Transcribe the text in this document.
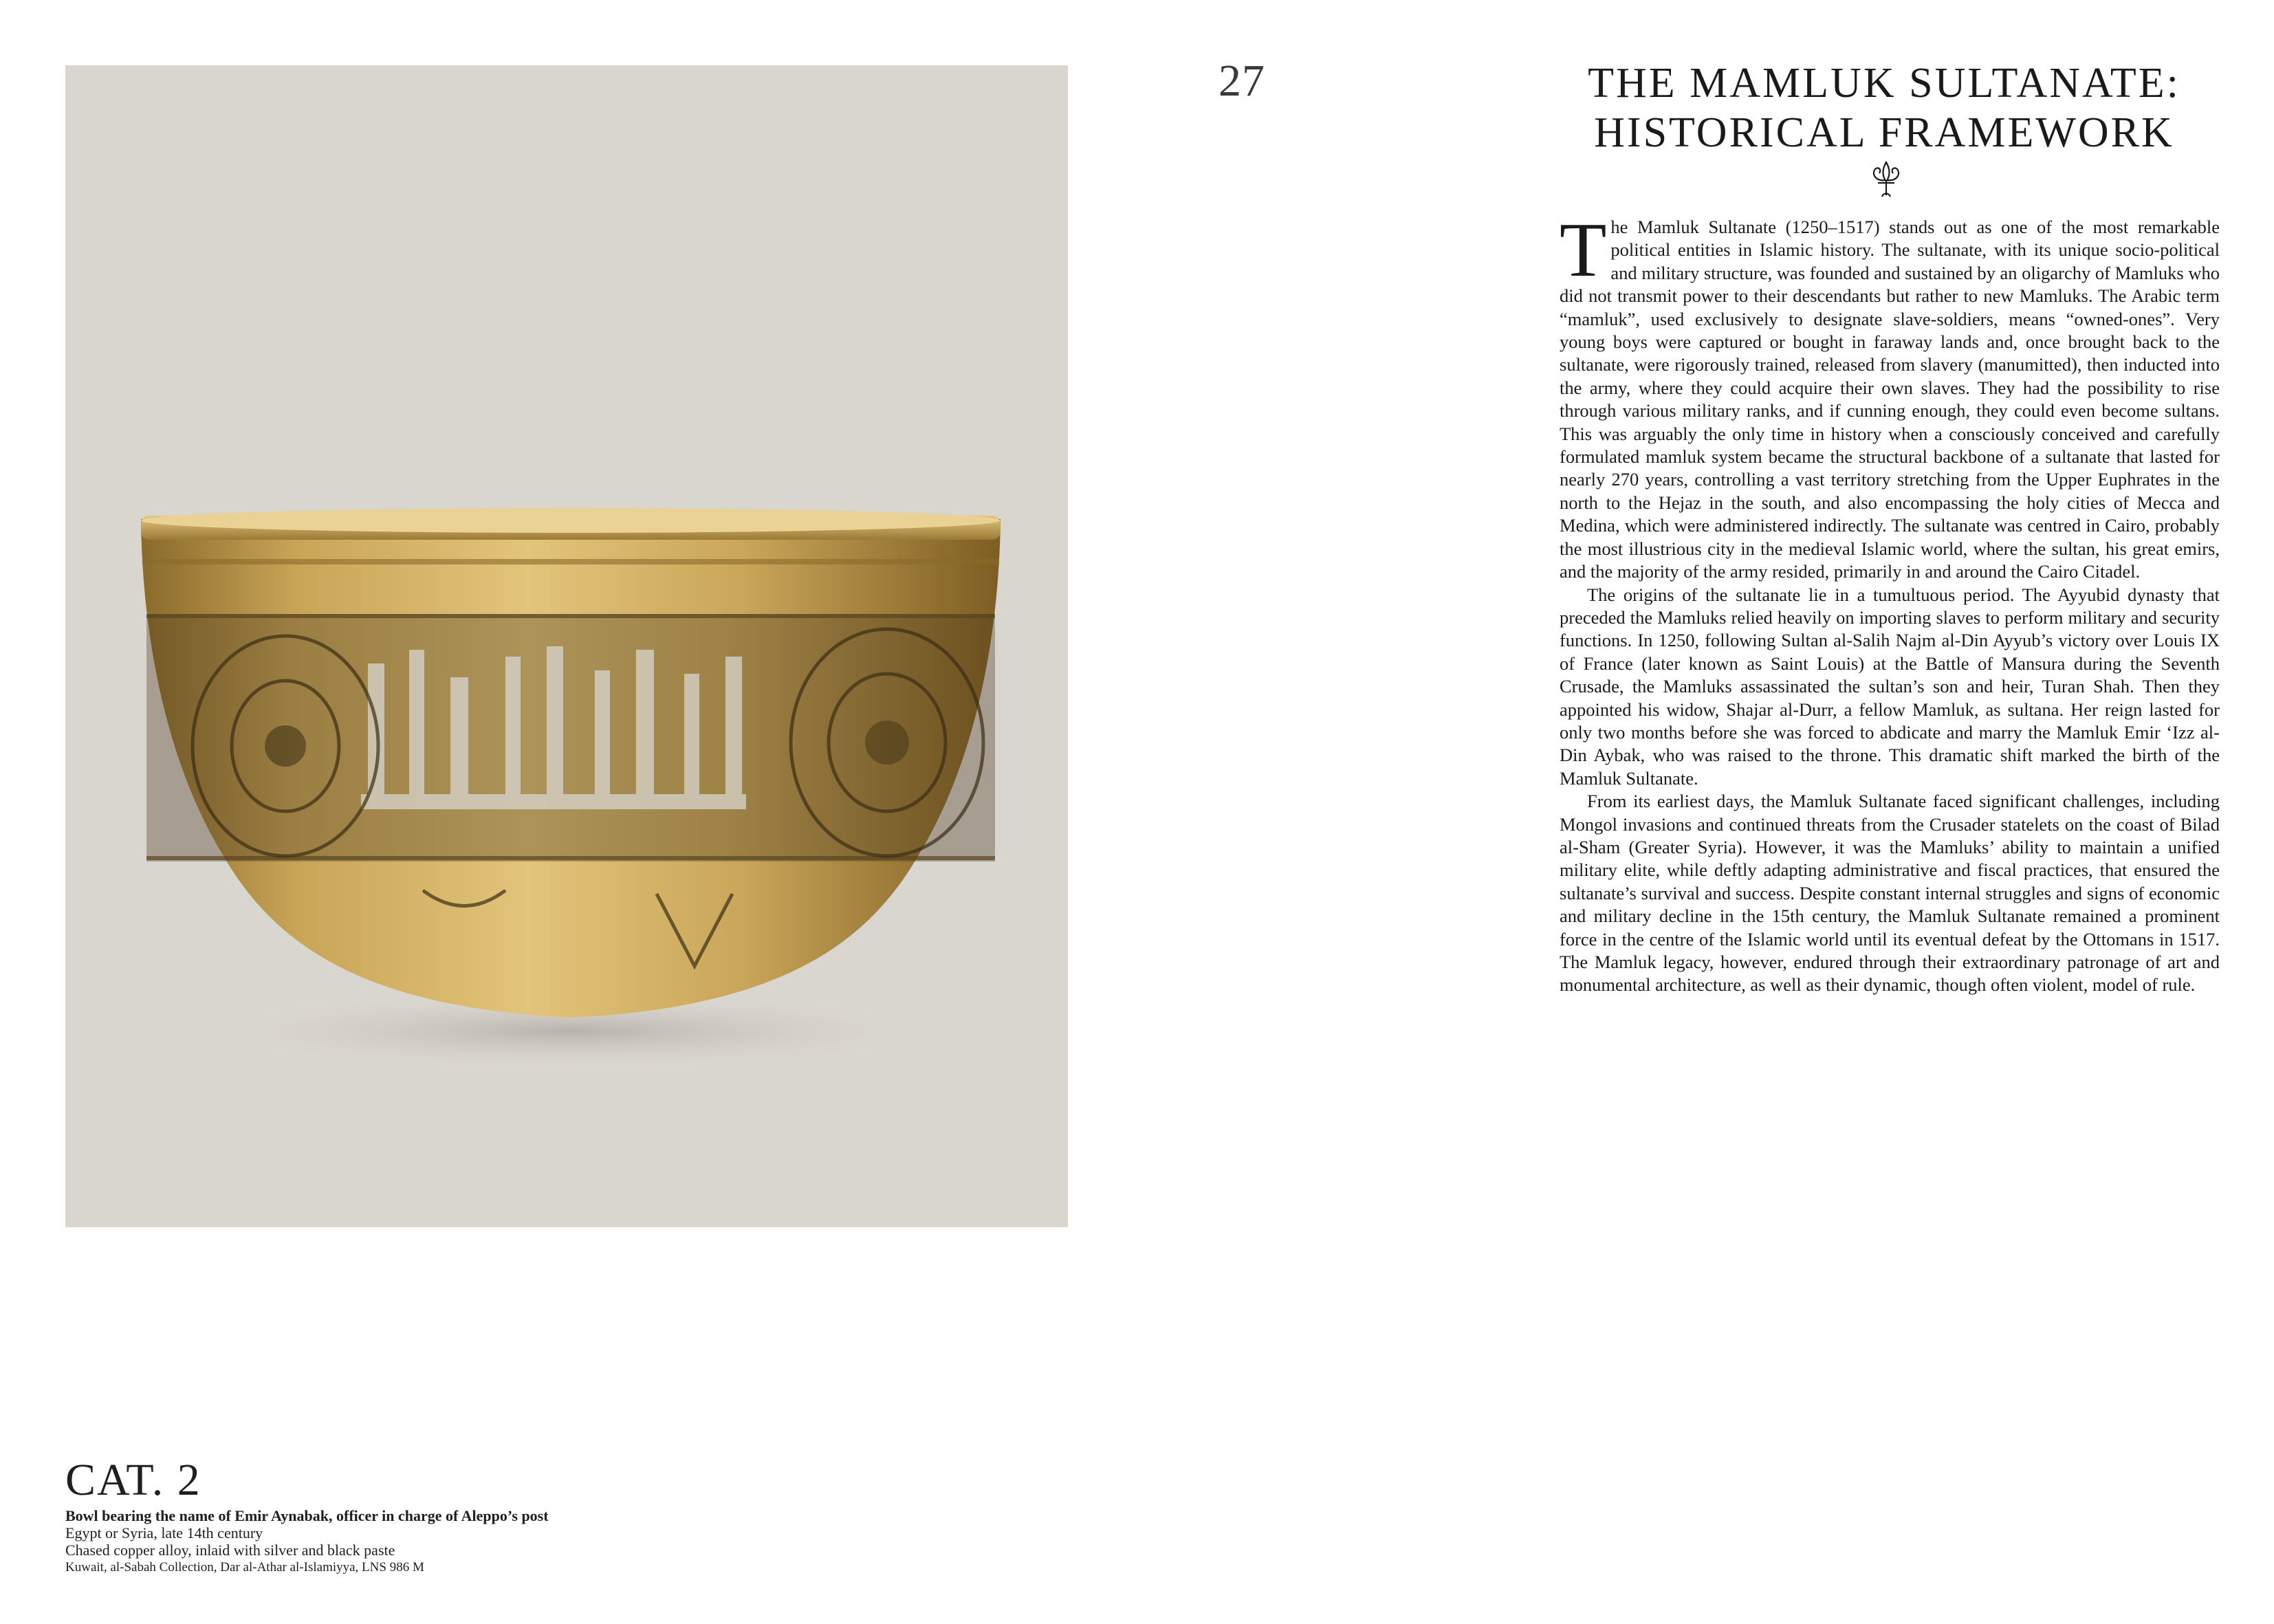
27
CAT. 2
Bowl bearing the name of Emir Aynabak, officer in charge of Aleppo’s post
Egypt or Syria, late 14th century
Chased copper alloy, inlaid with silver and black paste
Kuwait, al-Sabah Collection, Dar al-Athar al-Islamiyya, LNS 986 M
THE MAMLUK SULTANATE:
HISTORICAL FRAMEWORK

The Mamluk Sultanate (1250–1517) stands out as one of the most remarkable political entities in Islamic history. The sultanate, with its unique socio-political and military structure, was founded and sustained by an oligarchy of Mamluks who did not transmit power to their descendants but rather to new Mamluks. The Arabic term “mamluk”, used exclusively to designate slave-soldiers, means “owned-ones”. Very young boys were captured or bought in faraway lands and, once brought back to the sultanate, were rigorously trained, released from slavery (manumitted), then inducted into the army, where they could acquire their own slaves. They had the possibility to rise through various military ranks, and if cunning enough, they could even become sultans. This was arguably the only time in history when a consciously conceived and carefully formulated mamluk system became the structural backbone of a sultanate that lasted for nearly 270 years, controlling a vast territory stretching from the Upper Euphrates in the north to the Hejaz in the south, and also encompassing the holy cities of Mecca and Medina, which were administered indirectly. The sultanate was centred in Cairo, probably the most illustrious city in the medieval Islamic world, where the sultan, his great emirs, and the majority of the army resided, primarily in and around the Cairo Citadel.

The origins of the sultanate lie in a tumultuous period. The Ayyubid dynasty that preceded the Mamluks relied heavily on importing slaves to perform military and security functions. In 1250, following Sultan al-Salih Najm al-Din Ayyub’s victory over Louis IX of France (later known as Saint Louis) at the Battle of Mansura during the Seventh Crusade, the Mamluks assassinated the sultan’s son and heir, Turan Shah. Then they appointed his widow, Shajar al-Durr, a fellow Mamluk, as sultana. Her reign lasted for only two months before she was forced to abdicate and marry the Mamluk Emir ‘Izz al-Din Aybak, who was raised to the throne. This dramatic shift marked the birth of the Mamluk Sultanate.

From its earliest days, the Mamluk Sultanate faced significant challenges, including Mongol invasions and continued threats from the Crusader statelets on the coast of Bilad al-Sham (Greater Syria). However, it was the Mamluks’ ability to maintain a unified military elite, while deftly adapting administrative and fiscal practices, that ensured the sultanate’s survival and success. Despite constant internal struggles and signs of economic and military decline in the 15th century, the Mamluk Sultanate remained a prominent force in the centre of the Islamic world until its eventual defeat by the Ottomans in 1517. The Mamluk legacy, however, endured through their extraordinary patronage of art and monumental architecture, as well as their dynamic, though often violent, model of rule.
